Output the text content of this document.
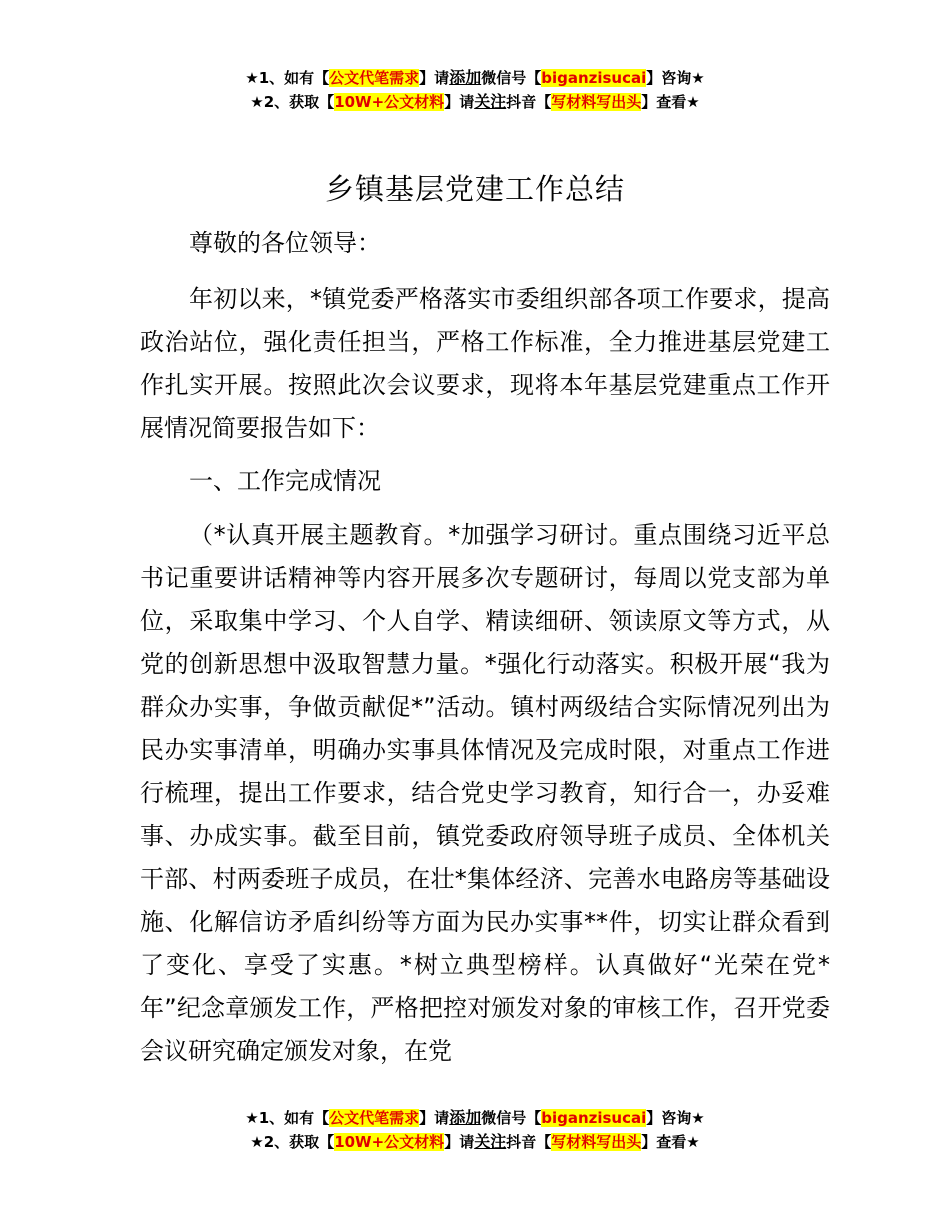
★1、如有【公文代笔需求】请添加微信号【biganzisucai】咨询★
★2、获取【10W+公文材料】请关注抖音【写材料写出头】查看★
乡镇基层党建工作总结
尊敬的各位领导：
年初以来，*镇党委严格落实市委组织部各项工作要求，提高政治站位，强化责任担当，严格工作标准，全力推进基层党建工作扎实开展。按照此次会议要求，现将本年基层党建重点工作开展情况简要报告如下：
一、工作完成情况
（*认真开展主题教育。*加强学习研讨。重点围绕习近平总书记重要讲话精神等内容开展多次专题研讨，每周以党支部为单位，采取集中学习、个人自学、精读细研、领读原文等方式，从党的创新思想中汲取智慧力量。*强化行动落实。积极开展“我为群众办实事，争做贡献促*”活动。镇村两级结合实际情况列出为民办实事清单，明确办实事具体情况及完成时限，对重点工作进行梳理，提出工作要求，结合党史学习教育，知行合一，办妥难事、办成实事。截至目前，镇党委政府领导班子成员、全体机关干部、村两委班子成员，在壮*集体经济、完善水电路房等基础设施、化解信访矛盾纠纷等方面为民办实事**件，切实让群众看到了变化、享受了实惠。*树立典型榜样。认真做好“光荣在党*年”纪念章颁发工作，严格把控对颁发对象的审核工作，召开党委会议研究确定颁发对象，在党
★1、如有【公文代笔需求】请添加微信号【biganzisucai】咨询★
★2、获取【10W+公文材料】请关注抖音【写材料写出头】查看★
